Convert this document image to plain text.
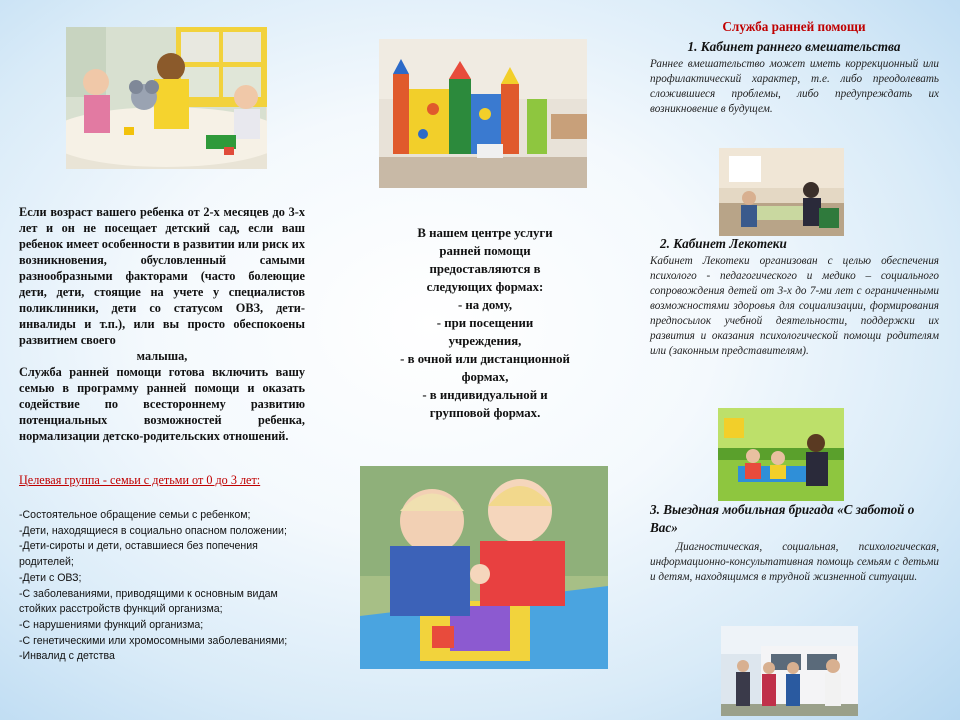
Если возраст вашего ребенка от 2-х месяцев до 3-х лет и он не посещает детский сад, если ваш ребенок имеет особенности в развитии или риск их возникновения, обусловленный самыми разнообразными факторами (часто болеющие дети, дети, стоящие на учете у специалистов поликлиники, дети со статусом ОВЗ, дети-инвалиды и т.п.), или вы просто обеспокоены развитием своего

малыша,

Служба ранней помощи готова включить вашу семью в программу ранней помощи и оказать содействие по всестороннему развитию потенциальных возможностей ребенка, нормализации детско-родительских отношений.

Целевая группа - семьи с детьми от 0 до 3 лет:
-Состоятельное обращение семьи с ребенком;
-Дети, находящиеся в социально опасном положении;
-Дети-сироты и дети, оставшиеся без попечения родителей;
-Дети с ОВЗ;
-С заболеваниями, приводящими к основным видам стойких расстройств функций организма;
-С нарушениями функций организма;
-С генетическими или хромосомными заболеваниями;
-Инвалид с детства
В нашем центре услуги
ранней помощи
предоставляются в
следующих формах:
- на дому,
- при посещении
учреждения,
- в очной или дистанционной
формах,
- в индивидуальной и
групповой формах.
Служба ранней помощи
1. Кабинет раннего вмешательства
Раннее вмешательство может иметь коррекционный или профилактический характер, т.е. либо преодолевать сложившиеся проблемы, либо предупреждать их возникновение в будущем.
2. Кабинет Лекотеки
Кабинет Лекотеки организован с целью обеспечения психолого - педагогического и медико – социального сопровождения детей от 3-х до 7-ми лет с ограниченными возможностями здоровья для социализации, формирования предпосылок учебной деятельности, поддержки их развития и оказания психологической помощи родителям или (законным представителям).
3. Выездная мобильная бригада «С заботой о Вас»
Диагностическая, социальная, психологическая, информационно-консультативная помощь семьям с детьми и детям, находящимся в трудной жизненной ситуации.
